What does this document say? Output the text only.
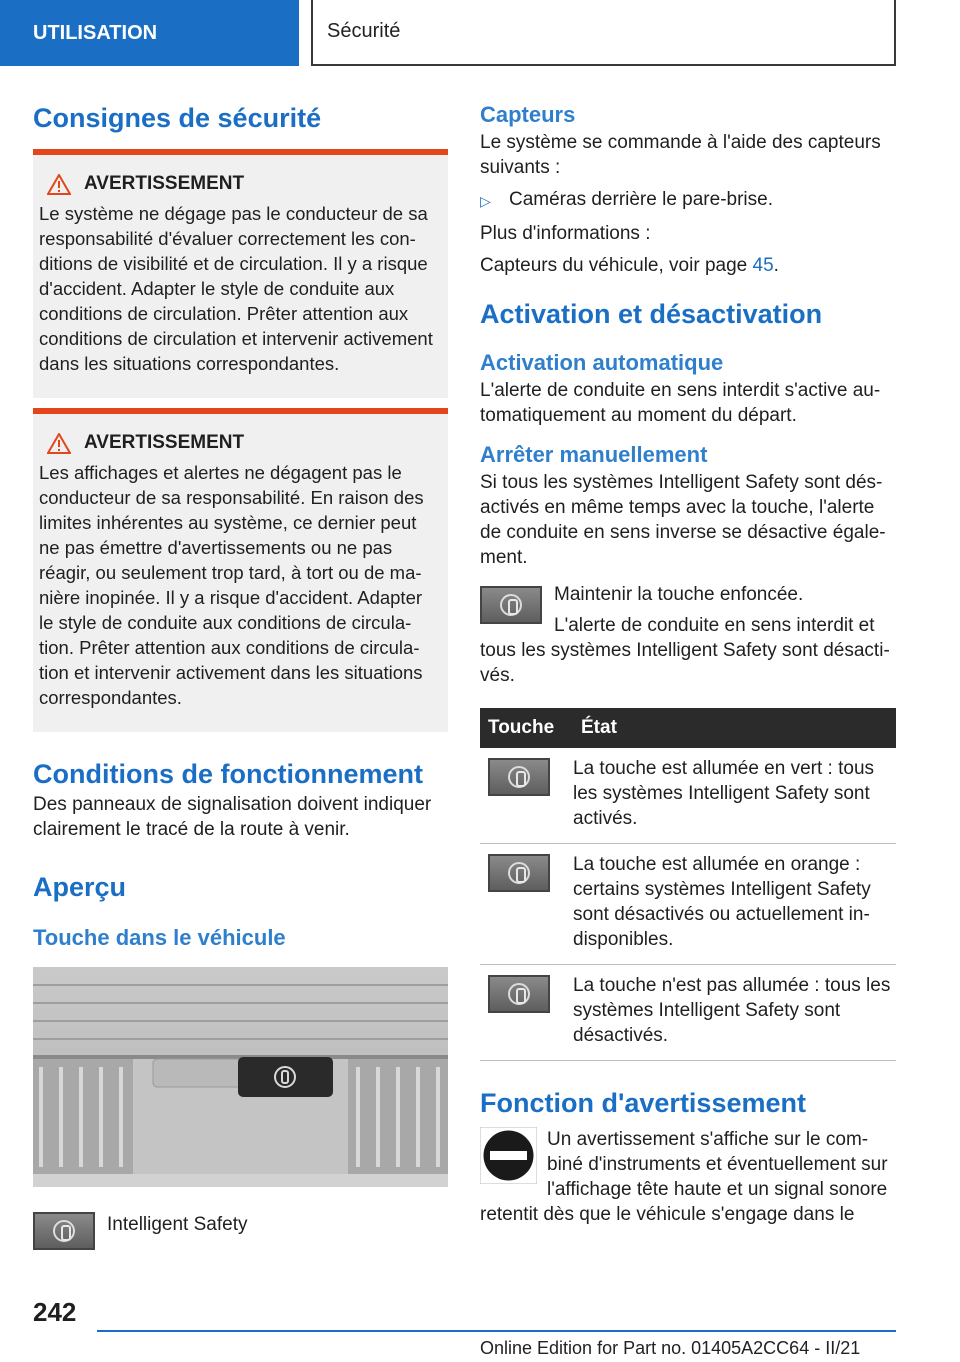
UTILISATION	Sécurité
Consignes de sécurité
AVERTISSEMENT

Le système ne dégage pas le conducteur de sa responsabilité d'évaluer correctement les conditions de visibilité et de circulation. Il y a risque d'accident. Adapter le style de conduite aux conditions de circulation. Prêter attention aux conditions de circulation et intervenir activement dans les situations correspondantes.

AVERTISSEMENT

Les affichages et alertes ne dégagent pas le conducteur de sa responsabilité. En raison des limites inhérentes au système, ce dernier peut ne pas émettre d'avertissements ou ne pas réagir, ou seulement trop tard, à tort ou de manière inopinée. Il y a risque d'accident. Adapter le style de conduite aux conditions de circulation. Prêter attention aux conditions de circulation et intervenir activement dans les situations correspondantes.

Conditions de fonctionnement

Des panneaux de signalisation doivent indiquer clairement le tracé de la route à venir.

Aperçu
Touche dans le véhicule

Intelligent Safety

Capteurs

Le système se commande à l'aide des capteurs suivants :

▷ Caméras derrière le pare-brise.

Plus d'informations :

Capteurs du véhicule, voir page 45.

Activation et désactivation
Activation automatique

L'alerte de conduite en sens interdit s'active automatiquement au moment du départ.

Arrêter manuellement

Si tous les systèmes Intelligent Safety sont désactivés en même temps avec la touche, l'alerte de conduite en sens inverse se désactive également.

Maintenir la touche enfoncée.

L'alerte de conduite en sens interdit et tous les systèmes Intelligent Safety sont désactivés.

Touche	État

	La touche est allumée en vert : tous les systèmes Intelligent Safety sont activés.

	La touche est allumée en orange : certains systèmes Intelligent Safety sont désactivés ou actuellement indisponibles.

	La touche n'est pas allumée : tous les systèmes Intelligent Safety sont désactivés.
Fonction d'avertissement

Un avertissement s'affiche sur le combiné d'instruments et éventuellement sur l'affichage tête haute et un signal sonore

retentit dès que le véhicule s'engage dans le

242
Online Edition for Part no. 01405A2CC64 - II/21
